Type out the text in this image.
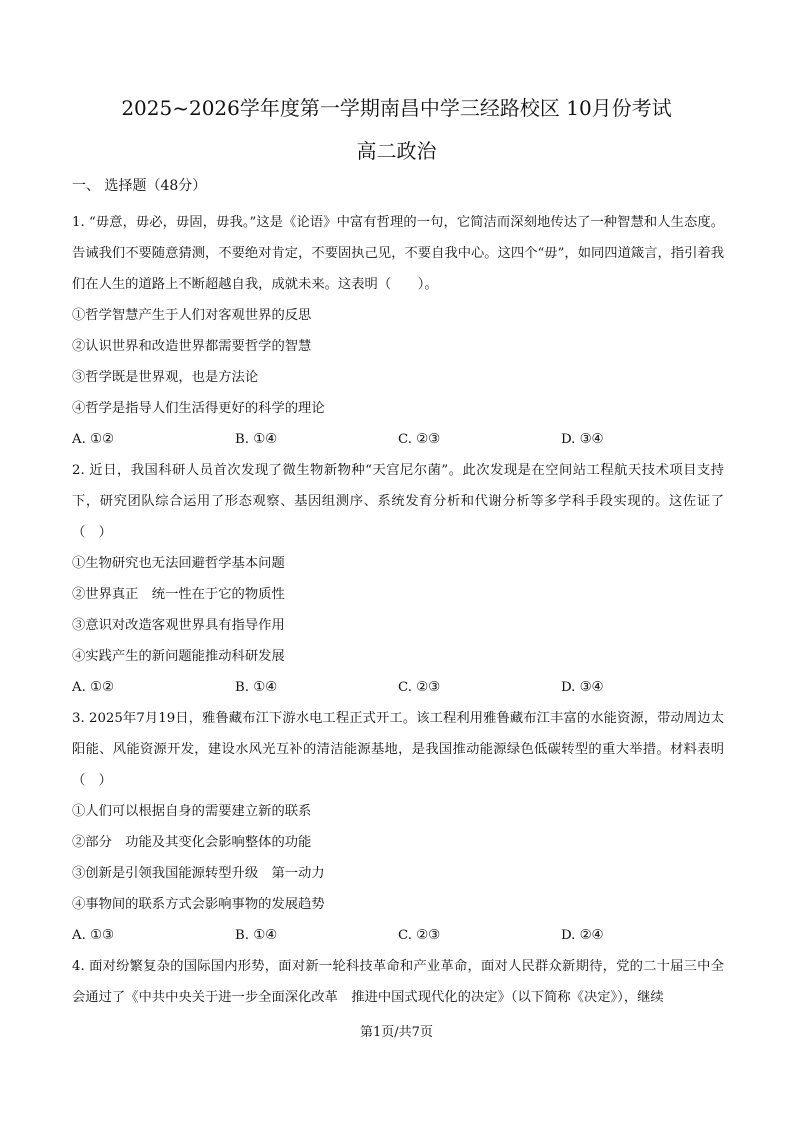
2025~2026学年度第一学期南昌中学三经路校区 10月份考试
高二政治
一、 选择题（48分）

1. “毋意，毋必，毋固，毋我。”这是《论语》中富有哲理的一句，它简洁而深刻地传达了一种智慧和人生态度。告诫我们不要随意猜测，不要绝对肯定，不要固执己见，不要自我中心。这四个“毋”，如同四道箴言，指引着我们在人生的道路上不断超越自我，成就未来。这表明（　　）。

①哲学智慧产生于人们对客观世界的反思

②认识世界和改造世界都需要哲学的智慧

③哲学既是世界观，也是方法论

④哲学是指导人们生活得更好的科学的理论

A. ①②	B. ①④	C. ②③	D. ③④

2. 近日，我国科研人员首次发现了微生物新物种“天宫尼尔菌”。此次发现是在空间站工程航天技术项目支持下，研究团队综合运用了形态观察、基因组测序、系统发育分析和代谢分析等多学科手段实现的。这佐证了（　）

①生物研究也无法回避哲学基本问题

②世界真正　统一性在于它的物质性

③意识对改造客观世界具有指导作用

④实践产生的新问题能推动科研发展

A. ①②	B. ①④	C. ②③	D. ③④

3. 2025年7月19日，雅鲁藏布江下游水电工程正式开工。该工程利用雅鲁藏布江丰富的水能资源，带动周边太阳能、风能资源开发，建设水风光互补的清洁能源基地，是我国推动能源绿色低碳转型的重大举措。材料表明（　）

①人们可以根据自身的需要建立新的联系

②部分　功能及其变化会影响整体的功能

③创新是引领我国能源转型升级　第一动力

④事物间的联系方式会影响事物的发展趋势

A. ①③	B. ①④	C. ②③	D. ②④

4. 面对纷繁复杂的国际国内形势，面对新一轮科技革命和产业革命，面对人民群众新期待，党的二十届三中全会通过了《中共中央关于进一步全面深化改革　推进中国式现代化的决定》（以下简称《决定》），继续

第1页/共7页
